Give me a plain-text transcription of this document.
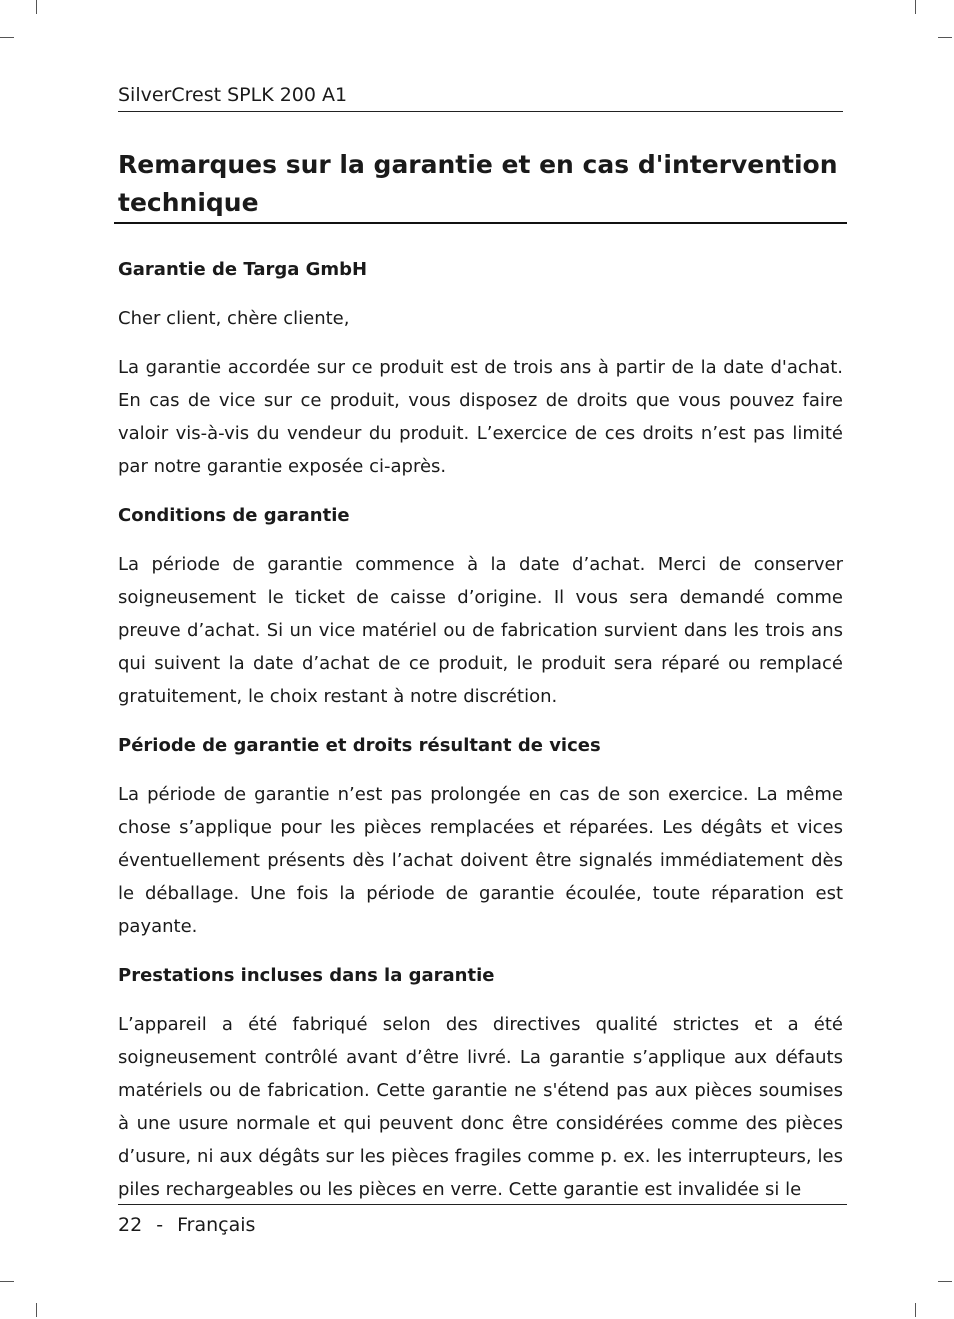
SilverCrest SPLK 200 A1
Remarques sur la garantie et en cas d'intervention technique
Garantie de Targa GmbH

Cher client, chère cliente,

La garantie accordée sur ce produit est de trois ans à partir de la date d'achat. En cas de vice sur ce produit, vous disposez de droits que vous pouvez faire valoir vis-à-vis du vendeur du produit. L’exercice de ces droits n’est pas limité par notre garantie exposée ci-après.

Conditions de garantie

La période de garantie commence à la date d’achat. Merci de conserver soigneusement le ticket de caisse d’origine. Il vous sera demandé comme preuve d’achat. Si un vice matériel ou de fabrication survient dans les trois ans qui suivent la date d’achat de ce produit, le produit sera réparé ou remplacé gratuitement, le choix restant à notre discrétion.

Période de garantie et droits résultant de vices

La période de garantie n’est pas prolongée en cas de son exercice. La même chose s’applique pour les pièces remplacées et réparées. Les dégâts et vices éventuellement présents dès l’achat doivent être signalés immédiatement dès le déballage. Une fois la période de garantie écoulée, toute réparation est payante.

Prestations incluses dans la garantie

L’appareil a été fabriqué selon des directives qualité strictes et a été soigneusement contrôlé avant d’être livré. La garantie s’applique aux défauts matériels ou de fabrication. Cette garantie ne s'étend pas aux pièces soumises à une usure normale et qui peuvent donc être considérées comme des pièces d’usure, ni aux dégâts sur les pièces fragiles comme p. ex. les interrupteurs, les piles rechargeables ou les pièces en verre. Cette garantie est invalidée si le

22 - Français
